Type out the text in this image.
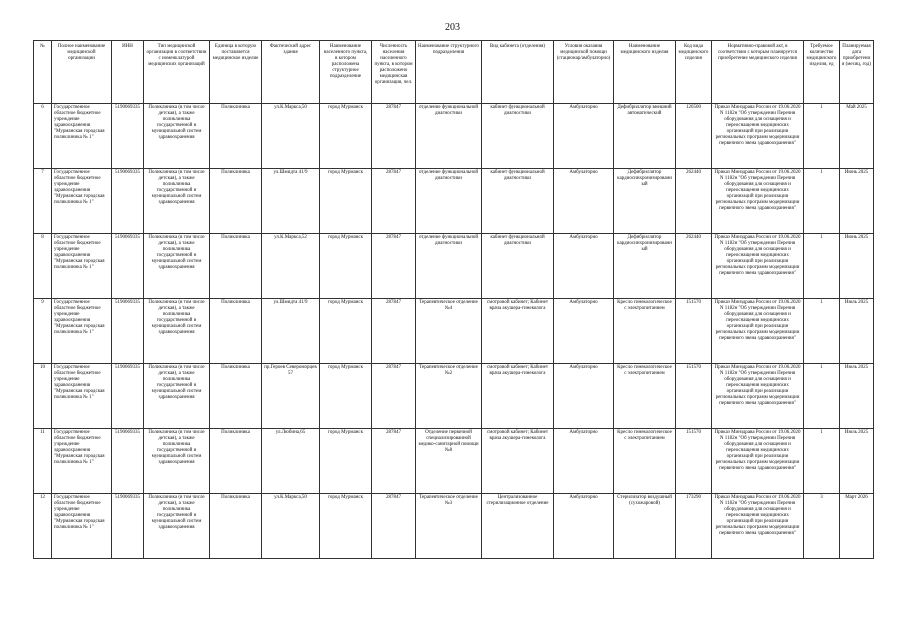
203
№	Полное наименование медицинской организации	ИНН	Тип медицинской организации в соответствии с номенклатурой медицинских организаций	Единица в которую поставляется медицинское изделие	Фактический адрес здания	Наименование населенного пункта, в котором расположена структурное подразделение	Численность населения населенного пункта, в котором расположено медицинская организация, чел.	Наименование структурного подразделения	Вид кабинета (отделения)	Условия оказания медицинской помощи (стационар/амбулаторно)	Наименование медицинского изделия	Код вида медицинского изделия	Нормативно-правовой акт, в соответствии с которым планируется приобретение медицинского изделия	Требуемое количество медицинского изделия, ед	Планируемая дата приобретения (месяц, год)
6	Государственное областное бюджетное учреждение здравоохранения "Мурманская городская поликлиника № 1"	5190069335	Поликлиника (в том числе детская), а также поликлиника государственной и муниципальной систем здравоохранения	Поликлиника	ул.К.Маркса,50	город Мурманск	287847	отделение функциональной диагностики	кабинет функциональной диагностики	Амбулаторно	Дефибриллятор внешний автоматический	126500	Приказ Минздрава России от 19.06.2020 N 1182н "Об утверждении Перечня оборудования для оснащения и переоснащения медицинских организаций при реализации региональных программ модернизации первичного звена здравоохранения"	1	Май 2025
7	Государственное областное бюджетное учреждение здравоохранения "Мурманская городская поликлиника № 1"	5190069335	Поликлиника (в том числе детская), а также поликлиника государственной и муниципальной систем здравоохранения	Поликлиника	ул.Шмидта 41/9	город Мурманск	287847	отделение функциональной диагностики	кабинет функциональной диагностики	Амбулаторно	Дефибриллятор кардиосинхронизированный	262440	Приказ Минздрава России от 19.06.2020 N 1182н "Об утверждении Перечня оборудования для оснащения и переоснащения медицинских организаций при реализации региональных программ модернизации первичного звена здравоохранения"	1	Июнь 2025
8	Государственное областное бюджетное учреждение здравоохранения "Мурманская городская поликлиника № 1"	5190069335	Поликлиника (в том числе детская), а также поликлиника государственной и муниципальной систем здравоохранения	Поликлиника	ул.К.Маркса,52	город Мурманск	287847	отделение функциональной диагностики	кабинет функциональной диагностики	Амбулаторно	Дефибриллятор кардиосинхронизированный	262440	Приказ Минздрава России от 19.06.2020 N 1182н "Об утверждении Перечня оборудования для оснащения и переоснащения медицинских организаций при реализации региональных программ модернизации первичного звена здравоохранения"	1	Июнь 2025
9	Государственное областное бюджетное учреждение здравоохранения "Мурманская городская поликлиника № 1"	5190069335	Поликлиника (в том числе детская), а также поликлиника государственной и муниципальной систем здравоохранения	Поликлиника	ул.Шмидта 41/9	город Мурманск	287847	Терапевтическое отделение №4	смотровой кабинет; Кабинет врача акушера-гинеколога	Амбулаторно	Кресло гинекологическое с электропитанием	151570	Приказ Минздрава России от 19.06.2020 N 1182н "Об утверждении Перечня оборудования для оснащения и переоснащения медицинских организаций при реализации региональных программ модернизации первичного звена здравоохранения"	1	Июль 2025
10	Государственное областное бюджетное учреждение здравоохранения "Мурманская городская поликлиника № 1"	5190069335	Поликлиника (в том числе детская), а также поликлиника государственной и муниципальной систем здравоохранения	Поликлиника	пр.Героев Североморцев 57	город Мурманск	287847	Терапевтическое отделение №2	смотровой кабинет; Кабинет врача акушера-гинеколога	Амбулаторно	Кресло гинекологическое с электропитанием	151570	Приказ Минздрава России от 19.06.2020 N 1182н "Об утверждении Перечня оборудования для оснащения и переоснащения медицинских организаций при реализации региональных программ модернизации первичного звена здравоохранения"	1	Июль 2025
11	Государственное областное бюджетное учреждение здравоохранения "Мурманская городская поликлиника № 1"	5190069335	Поликлиника (в том числе детская), а также поликлиника государственной и муниципальной систем здравоохранения	Поликлиника	ул.Любина,65	город Мурманск	287847	Отделение первичной специализированной медико-санитарной помощи №8	смотровой кабинет; Кабинет врача акушера-гинеколога	Амбулаторно	Кресло гинекологическое с электропитанием	151570	Приказ Минздрава России от 19.06.2020 N 1182н "Об утверждении Перечня оборудования для оснащения и переоснащения медицинских организаций при реализации региональных программ модернизации первичного звена здравоохранения"	1	Июль 2025
12	Государственное областное бюджетное учреждение здравоохранения "Мурманская городская поликлиника № 1"	5190069335	Поликлиника (в том числе детская), а также поликлиника государственной и муниципальной систем здравоохранения	Поликлиника	ул.К.Маркса,50	город Мурманск	287847	Терапевтическое отделение №3	Централизованное стерилизационное отделение	Амбулаторно	Стерилизатор воздушный (сухожаровой)	173290	Приказ Минздрава России от 19.06.2020 N 1182н "Об утверждении Перечня оборудования для оснащения и переоснащения медицинских организаций при реализации региональных программ модернизации первичного звена здравоохранения"	3	Март 2026
